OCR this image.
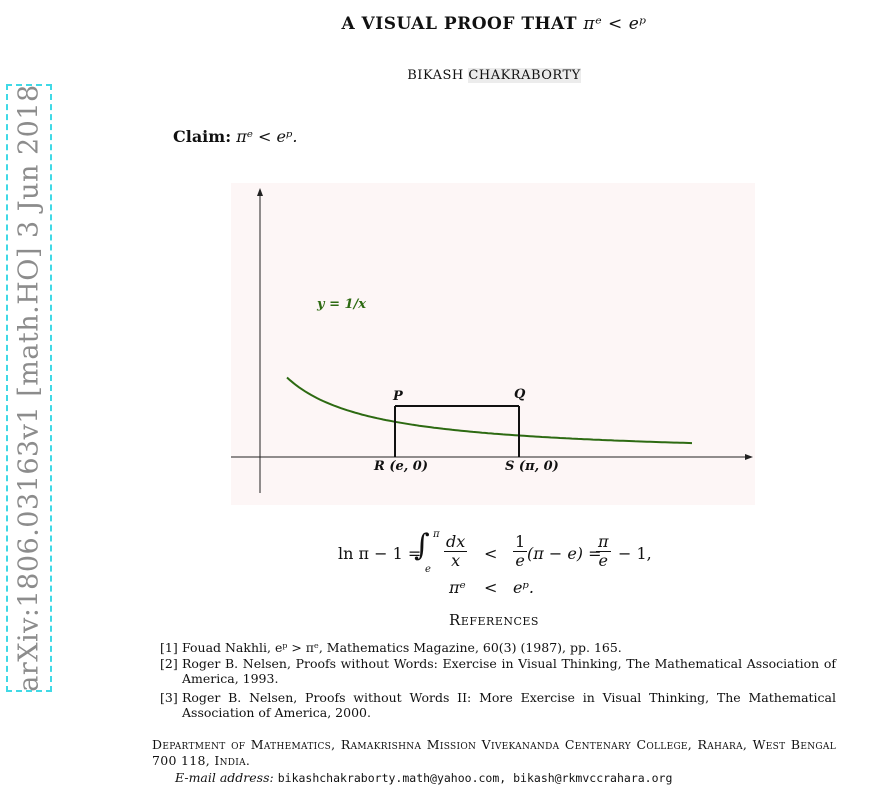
arXiv:1806.03163v1 [math.HO] 3 Jun 2018
A VISUAL PROOF THAT πᵉ < eᵖ
BIKASH CHAKRABORTY
Claim: πᵉ < eᵖ.
y = 1/x
P	Q
R (e, 0)	S (π, 0)
ln π − 1 =
∫ π
e $\frac{dx}{x} < \frac{1}{e} (\pi - e)$ =
$\frac{\pi}{e} - 1$,
πᵉ < eᵖ.
References
[1] Fouad Nakhli, eᵖ > πᵉ, Mathematics Magazine, 60(3) (1987), pp. 165.
[2] Roger B. Nelsen, Proofs without Words: Exercise in Visual Thinking, The Mathematical Association of America, 1993.
[3] Roger B. Nelsen, Proofs without Words II: More Exercise in Visual Thinking, The Mathematical Association of America, 2000.
Department of Mathematics, Ramakrishna Mission Vivekananda Centenary College, Rahara, West Bengal 700 118, India.
E-mail address: bikashchakraborty.math@yahoo.com, bikash@rkmvccrahara.org
